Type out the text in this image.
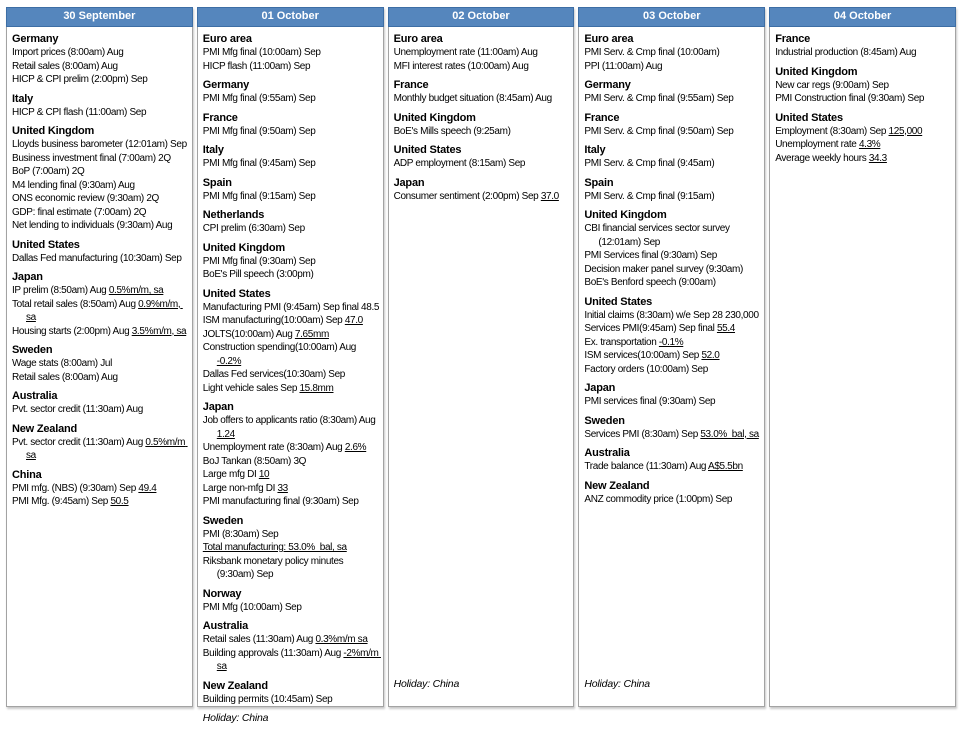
30 September
Germany
Import prices (8:00am) Aug
Retail sales (8:00am) Aug
HICP & CPI prelim (2:00pm) Sep
Italy
HICP & CPI flash (11:00am) Sep
United Kingdom
Lloyds business barometer (12:01am) Sep
Business investment final (7:00am) 2Q
BoP (7:00am) 2Q
M4 lending final (9:30am) Aug
ONS economic review (9:30am) 2Q
GDP: final estimate (7:00am) 2Q
Net lending to individuals (9:30am) Aug
United States
Dallas Fed manufacturing (10:30am) Sep
Japan
IP prelim (8:50am) Aug 0.5%m/m, sa
Total retail sales (8:50am) Aug 0.9%m/m, sa
Housing starts (2:00pm) Aug 3.5%m/m, sa
Sweden
Wage stats (8:00am) Jul
Retail sales (8:00am) Aug
Australia
Pvt. sector credit (11:30am) Aug
New Zealand
Pvt. sector credit (11:30am) Aug 0.5%m/m sa
China
PMI mfg. (NBS) (9:30am) Sep 49.4
PMI Mfg. (9:45am) Sep 50.5
01 October
Euro area
PMI Mfg final (10:00am) Sep
HICP flash (11:00am) Sep
Germany
PMI Mfg final (9:55am) Sep
France
PMI Mfg final (9:50am) Sep
Italy
PMI Mfg final (9:45am) Sep
Spain
PMI Mfg final (9:15am) Sep
Netherlands
CPI prelim (6:30am) Sep
United Kingdom
PMI Mfg final (9:30am) Sep
BoE's Pill speech (3:00pm)
United States
Manufacturing PMI (9:45am) Sep final 48.5
ISM manufacturing(10:00am) Sep 47.0
JOLTS(10:00am) Aug 7.65mm
Construction spending(10:00am) Aug -0.2%
Dallas Fed services(10:30am) Sep
Light vehicle sales Sep 15.8mm
Japan
Job offers to applicants ratio (8:30am) Aug 1.24
Unemployment rate (8:30am) Aug 2.6%
BoJ Tankan (8:50am) 3Q
Large mfg DI 10
Large non-mfg DI 33
PMI manufacturing final (9:30am) Sep
Sweden
PMI (8:30am) Sep
Total manufacturing: 53.0%  bal, sa
Riksbank monetary policy minutes (9:30am) Sep
Norway
PMI Mfg (10:00am) Sep
Australia
Retail sales (11:30am) Aug 0.3%m/m sa
Building approvals (11:30am) Aug -2%m/m sa
New Zealand
Building permits (10:45am) Sep
Holiday: China
02 October
Euro area
Unemployment rate (11:00am) Aug
MFI interest rates (10:00am) Aug
France
Monthly budget situation (8:45am) Aug
United Kingdom
BoE's Mills speech (9:25am)
United States
ADP employment (8:15am) Sep
Japan
Consumer sentiment (2:00pm) Sep 37.0
Holiday: China
03 October
Euro area
PMI Serv. & Cmp final (10:00am)
PPI (11:00am) Aug
Germany
PMI Serv. & Cmp final (9:55am) Sep
France
PMI Serv. & Cmp final (9:50am) Sep
Italy
PMI Serv. & Cmp final (9:45am)
Spain
PMI Serv. & Cmp final (9:15am)
United Kingdom
CBI financial services sector survey (12:01am) Sep
PMI Services final (9:30am) Sep
Decision maker panel survey (9:30am)
BoE's Benford speech (9:00am)
United States
Initial claims (8:30am) w/e Sep 28 230,000
Services PMI(9:45am) Sep final 55.4
Ex. transportation -0.1%
ISM services(10:00am) Sep 52.0
Factory orders (10:00am) Sep
Japan
PMI services final (9:30am) Sep
Sweden
Services PMI (8:30am) Sep 53.0%  bal, sa
Australia
Trade balance (11:30am) Aug A$5.5bn
New Zealand
ANZ commodity price (1:00pm) Sep
Holiday: China
04 October
France
Industrial production (8:45am) Aug
United Kingdom
New car regs (9:00am) Sep
PMI Construction final (9:30am) Sep
United States
Employment (8:30am) Sep 125,000
Unemployment rate 4.3%
Average weekly hours 34.3
